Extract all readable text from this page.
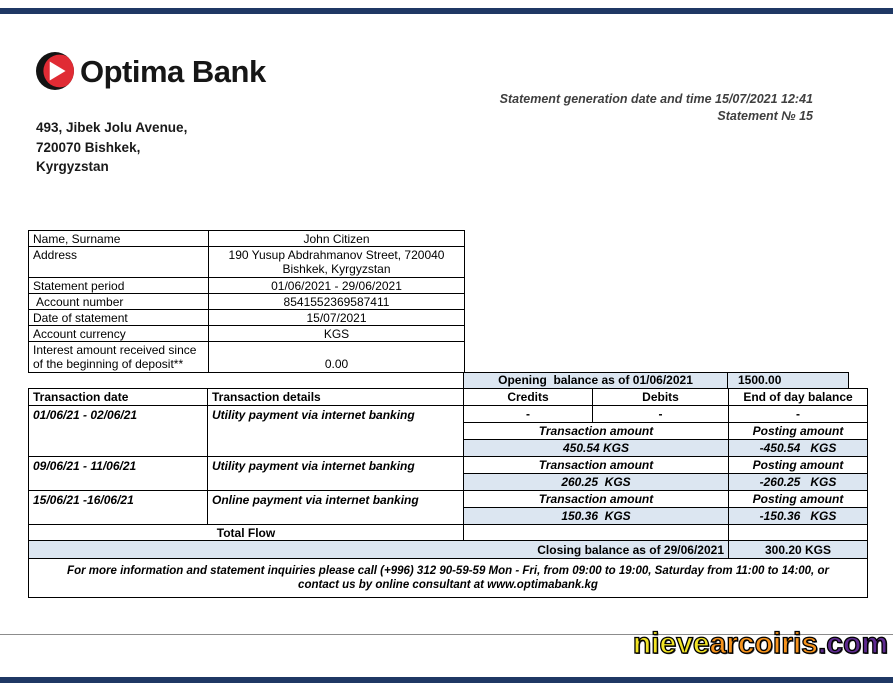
Optima Bank
Statement generation date and time 15/07/2021 12:41
Statement № 15
493, Jibek Jolu Avenue,
720070 Bishkek,
Kyrgyzstan
Name, Surname	John Citizen
Address	190 Yusup Abdrahmanov Street, 720040
Bishkek, Kyrgyzstan

Statement period	01/06/2021 - 29/06/2021
Account number	8541552369587411
Date of statement	15/07/2021
Account currency	KGS

Interest amount received since
of the beginning of deposit**	0.00
Opening  balance as of 01/06/2021	1500.00
Transaction date	Transaction details	Credits	Debits	End of day balance
01/06/21 - 02/06/21	Utility payment via internet banking	-	-	-
		Transaction amount		Posting amount
		450.54 KGS		-450.54   KGS
09/06/21 - 11/06/21	Utility payment via internet banking	Transaction amount		Posting amount
		260.25  KGS		-260.25   KGS
15/06/21 -16/06/21	Online payment via internet banking	Transaction amount		Posting amount
		150.36  KGS		-150.36   KGS
Total Flow				
Closing balance as of 29/06/2021				300.20 KGS

For more information and statement inquiries please call (+996) 312 90-59-59 Mon - Fri, from 09:00 to 19:00, Saturday from 11:00 to 14:00, or
contact us by online consultant at www.optimabank.kg				
nievearcoiris.com
